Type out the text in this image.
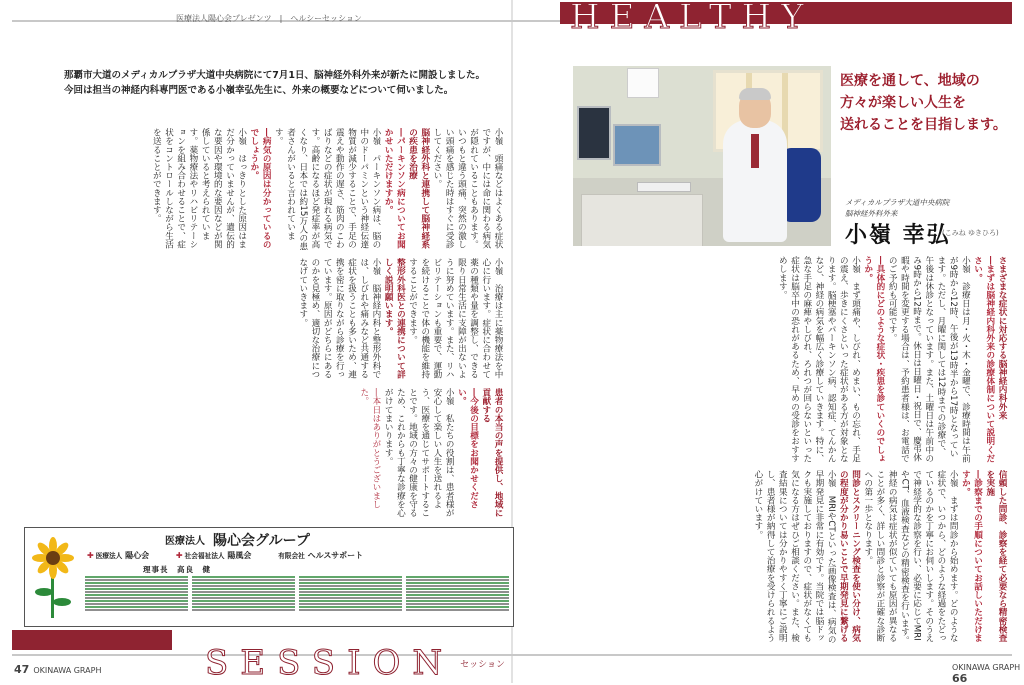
HEALTHY
医療法人陽心会プレゼンツ　|　ヘルシーセッション
SESSION セッション
47 OKINAWA GRAPH	OKINAWA GRAPH 66
那覇市大道のメディカルプラザ大道中央病院にて7月1日、脳神経外科外来が新たに開設しました。
今回は担当の神経内科専門医である小嶺幸弘先生に、外来の概要などについて伺いました。
医療を通して、地域の
方々が楽しい人生を
送れることを目指します。
メディカルプラザ大道中央病院
脳神経外科外来
小嶺 幸弘
(こみね ゆきひろ)

さまざまな症状に対応する脳神経内科外来

―まずは脳神経内科外来の診療体制について説明ください。

小嶺　診療日は月・火・木・金曜で、診療時間は午前が9時から12時、午後が13時半から17時となっています。ただし、月曜に関しては12時までの診療で、午後は休診となっています。また、土曜日は午前中のみ9時から12時まで。休日は日曜日・祝日で、慶弔休暇や時間を変更する場合は、予約患者様は、お電話でのご予約も可能です。

―具体的にどのような症状・疾患を診ていくのでしょうか。

小嶺　まず頭痛や、しびれ、めまい、もの忘れ、手足の震え、歩きにくさといった症状がある方が対象となります。脳梗塞やパーキンソン病、認知症、てんかんなど、神経の病気を幅広く診療していきます。特に、急な手足の麻痺やしびれ、ろれつが回らないといった症状は脳卒中の恐れがあるため、早めの受診をおすすめします。

信頼した問診、診察を経て必要なら精密検査を実施

―診察までの手順についてお話しいただけますか。

小嶺　まずは問診から始めます。どのような症状で、いつから、どのような経過をたどっているのかを丁寧にお伺いします。そのうえで神経学的な診察を行い、必要に応じてMRIやCT、血液検査などの精密検査を行います。神経の病気は症状が似ていても原因が異なることが多く、詳しい問診と診察が正確な診断への第一歩となります。

問診とスクリーニング検査を使い分け、病気の程度が分かり易いことで早期発見に繋げる

小嶺　MRIやCTといった画像検査は、病気の早期発見に非常に有効です。当院では脳ドックも実施しておりますので、症状がなくても気になる方はぜひご相談ください。また、検査結果については分かりやすく丁寧にご説明し、患者様が納得して治療を受けられるよう心がけています。

小嶺　頭痛などはよくある症状ですが、中には命に関わる病気が隠れていることもあります。いつもと違う頭痛、突然の激しい頭痛を感じた時はすぐに受診してください。

脳神経外科と連携して脳神経系の疾患を治療

―パーキンソン病についてお聞かせいただけますか。

小嶺　パーキンソン病は、脳の中のドーパミンという神経伝達物質が減少することで、手足の震えや動作の遅さ、筋肉のこわばりなどの症状が現れる病気です。高齢になるほど発症率が高くなり、日本では約15万人の患者さんがいると言われています。

―病気の原因は分かっているのでしょうか。

小嶺　はっきりとした原因はまだ分かっていませんが、遺伝的な要因や環境的な要因などが関係していると考えられています。薬物療法やリハビリテーションを組み合わせることで、症状をコントロールしながら生活を送ることができます。

小嶺　治療は主に薬物療法を中心に行います。症状に合わせて薬の種類や量を調整し、できる限り日常生活に支障が出ないように努めています。また、リハビリテーションも重要で、運動を続けることで体の機能を維持することができます。

整形外科医との連携について詳しく説明願います。

小嶺　脳神経内科と整形外科では、しびれや痛みなど共通する症状を扱うことも多いため、連携を密に取りながら診療を行っています。原因がどちらにあるのかを見極め、適切な治療につなげていきます。

患者の本当の声を提供し、地域に貢献する

―今後の目標をお聞かせください。

小嶺　私たちの役割は、患者様が安心して楽しい人生を送れるよう、医療を通じてサポートすることです。地域の方々の健康を守るため、これからも丁寧な診療を心がけてまいります。

―本日はありがとうございました。

医療法人 陽心会グループ
✚ 医療法人 陽心会	✚ 社会福祉法人 陽風会	有限会社 ヘルスサポート
理事長　高良　健
